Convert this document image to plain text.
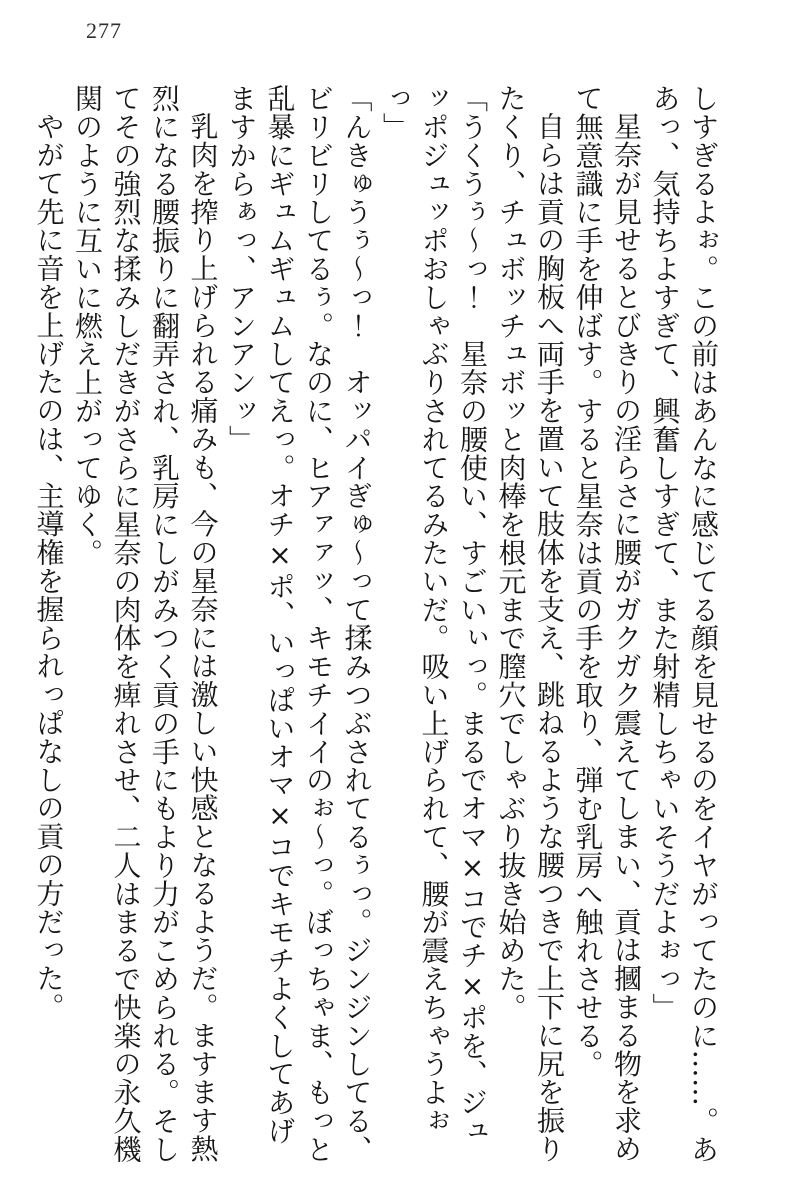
277

しすぎるよぉ。この前はあんなに感じてる顔を見せるのをイヤがってたのに……。ああっ、気持ちよすぎて、興奮しすぎて、また射精しちゃいそうだよぉっ」

星奈が見せるとびきりの淫らさに腰がガクガク震えてしまい、貢は摑まる物を求めて無意識に手を伸ばす。すると星奈は貢の手を取り、弾む乳房へ触れさせる。

自らは貢の胸板へ両手を置いて肢体を支え、跳ねるような腰つきで上下に尻を振りたくり、チュボッチュボッと肉棒を根元まで膣穴でしゃぶり抜き始めた。

「うくうぅ〜っ！　星奈の腰使い、すごいぃっ。まるでオマ×コでチ×ポを、ジュッポジュッポおしゃぶりされてるみたいだ。吸い上げられて、腰が震えちゃうよぉっ」

「んきゅうぅ〜っ！　オッパイぎゅ〜って揉みつぶされてるぅっ。ジンジンしてる、ビリビリしてるぅ。なのに、ヒアァァッ、キモチイイのぉ〜っ。ぼっちゃま、もっと乱暴にギュムギュムしてえっ。オチ×ポ、いっぱいオマ×コでキモチよくしてあげますからぁっ、アンアンッ」

乳肉を搾り上げられる痛みも、今の星奈には激しい快感となるようだ。ますます熱烈になる腰振りに翻弄され、乳房にしがみつく貢の手にもより力がこめられる。そしてその強烈な揉みしだきがさらに星奈の肉体を痺れさせ、二人はまるで快楽の永久機関のように互いに燃え上がってゆく。

やがて先に音を上げたのは、主導権を握られっぱなしの貢の方だった。
